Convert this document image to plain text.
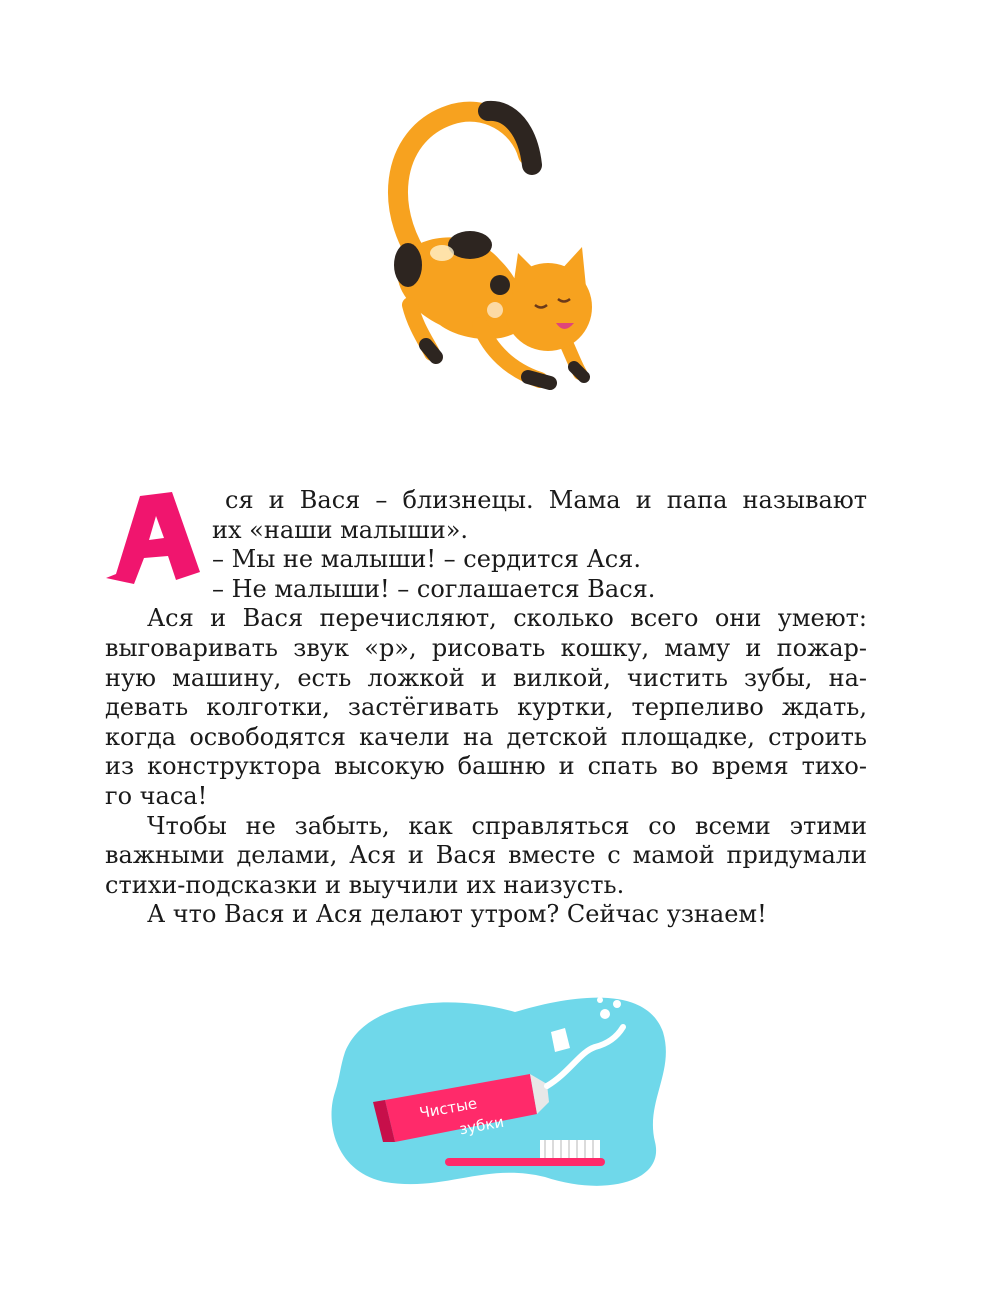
ся и Вася – близнецы. Мама и папа называют
их «наши малыши».
– Мы не малыши! – сердится Ася.
– Не малыши! – соглашается Вася.
Ася и Вася перечисляют, сколько всего они умеют:
выговаривать звук «р», рисовать кошку, маму и пожар-
ную машину, есть ложкой и вилкой, чистить зубы, на-
девать колготки, застёгивать куртки, терпеливо ждать,
когда освободятся качели на детской площадке, строить
из конструктора высокую башню и спать во время тихо-
го часа!
Чтобы не забыть, как справляться со всеми этими
важными делами, Ася и Вася вместе с мамой придумали
стихи-подсказки и выучили их наизусть.
А что Вася и Ася делают утром? Сейчас узнаем!
Чистые
зубки
